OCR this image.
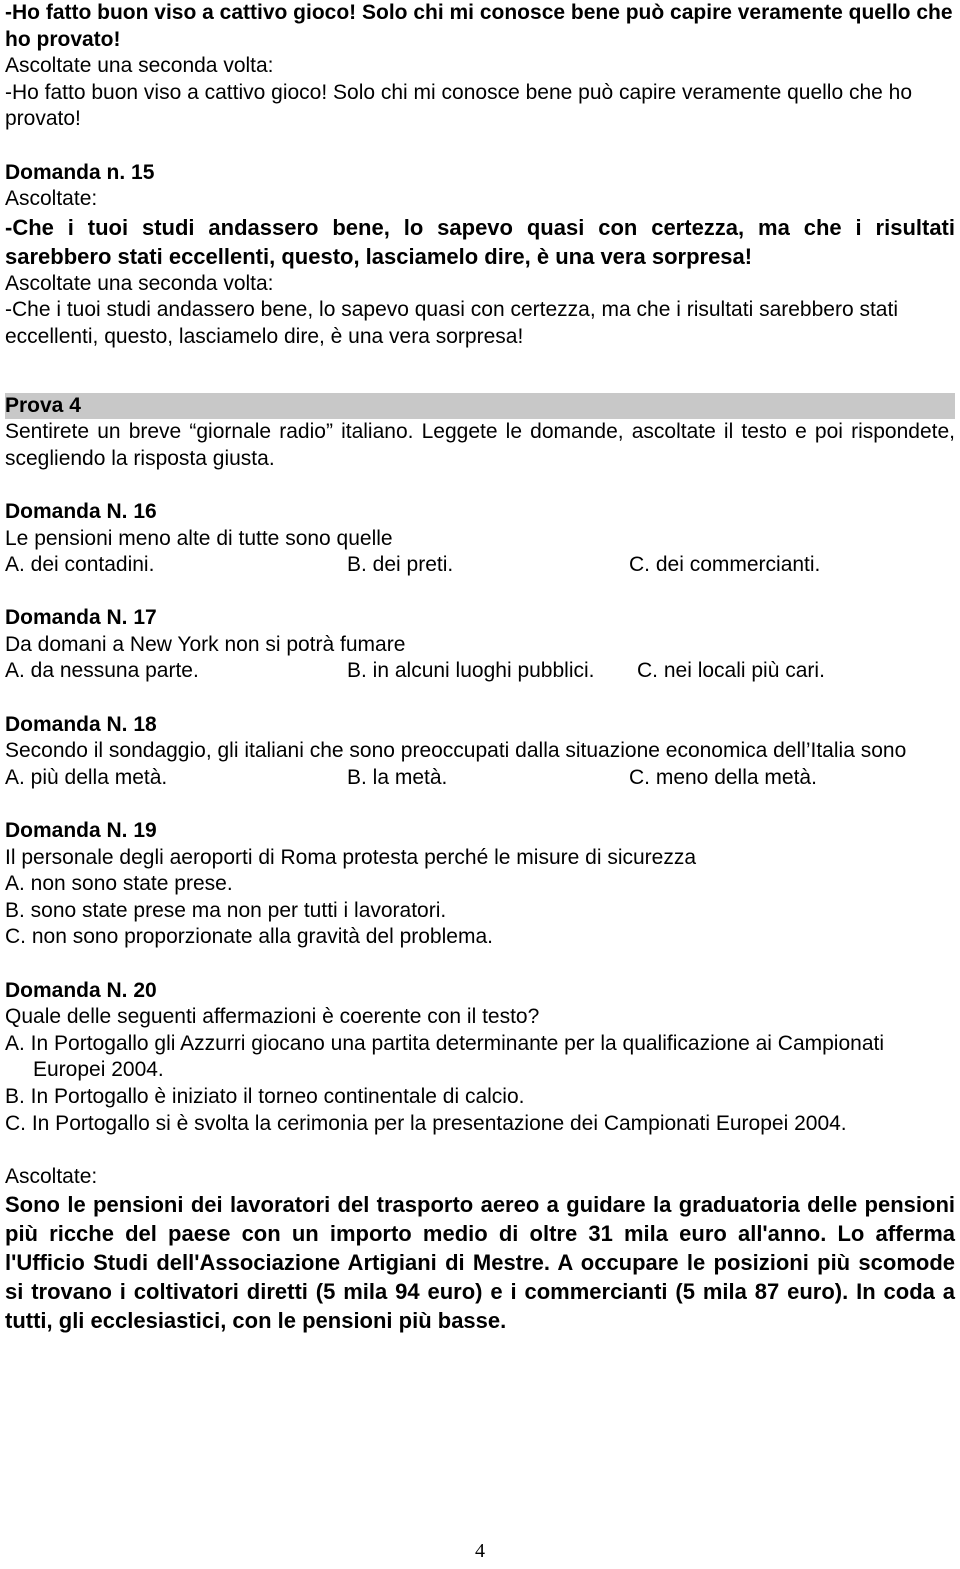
-Ho fatto buon viso a cattivo gioco! Solo chi mi conosce bene può capire veramente quello che ho provato!

Ascoltate una seconda volta:

-Ho fatto buon viso a cattivo gioco! Solo chi mi conosce bene può capire veramente quello che ho provato!

Domanda n. 15

Ascoltate:

-Che i tuoi studi andassero bene, lo sapevo quasi con certezza, ma che i risultati sarebbero stati eccellenti, questo, lasciamelo dire, è una vera sorpresa!

Ascoltate una seconda volta:

-Che i tuoi studi andassero bene, lo sapevo quasi con certezza, ma che i risultati sarebbero stati eccellenti, questo, lasciamelo dire, è una vera sorpresa!

Prova 4

Sentirete un breve “giornale radio” italiano. Leggete le domande, ascoltate il testo e poi rispondete, scegliendo la risposta giusta.

Domanda N. 16

Le pensioni meno alte di tutte sono quelle

A. dei contadini.	B. dei preti.	C. dei commercianti.

Domanda N. 17

Da domani a New York non si potrà fumare

A. da nessuna parte.	B. in alcuni luoghi pubblici.	C. nei locali più cari.

Domanda N. 18

Secondo il sondaggio, gli italiani che sono preoccupati dalla situazione economica dell’Italia sono

A. più della metà.	B. la metà.	C. meno della metà.

Domanda N. 19

Il personale degli aeroporti di Roma protesta perché le misure di sicurezza

A. non sono state prese.

B. sono state prese ma non per tutti i lavoratori.

C. non sono proporzionate alla gravità del problema.

Domanda N. 20

Quale delle seguenti affermazioni è coerente con il testo?

A. In Portogallo gli Azzurri giocano una partita determinante per la qualificazione ai Campionati Europei 2004.

B. In Portogallo è iniziato il torneo continentale di calcio.

C. In Portogallo si è svolta la cerimonia per la presentazione dei Campionati Europei 2004.

Ascoltate:

Sono le pensioni dei lavoratori del trasporto aereo a guidare la graduatoria delle pensioni più ricche del paese con un importo medio di oltre 31 mila euro all'anno. Lo afferma l'Ufficio Studi dell'Associazione Artigiani di Mestre. A occupare le posizioni più scomode si trovano i coltivatori diretti (5 mila 94 euro) e i commercianti (5 mila 87 euro). In coda a tutti, gli ecclesiastici, con le pensioni più basse.

4
